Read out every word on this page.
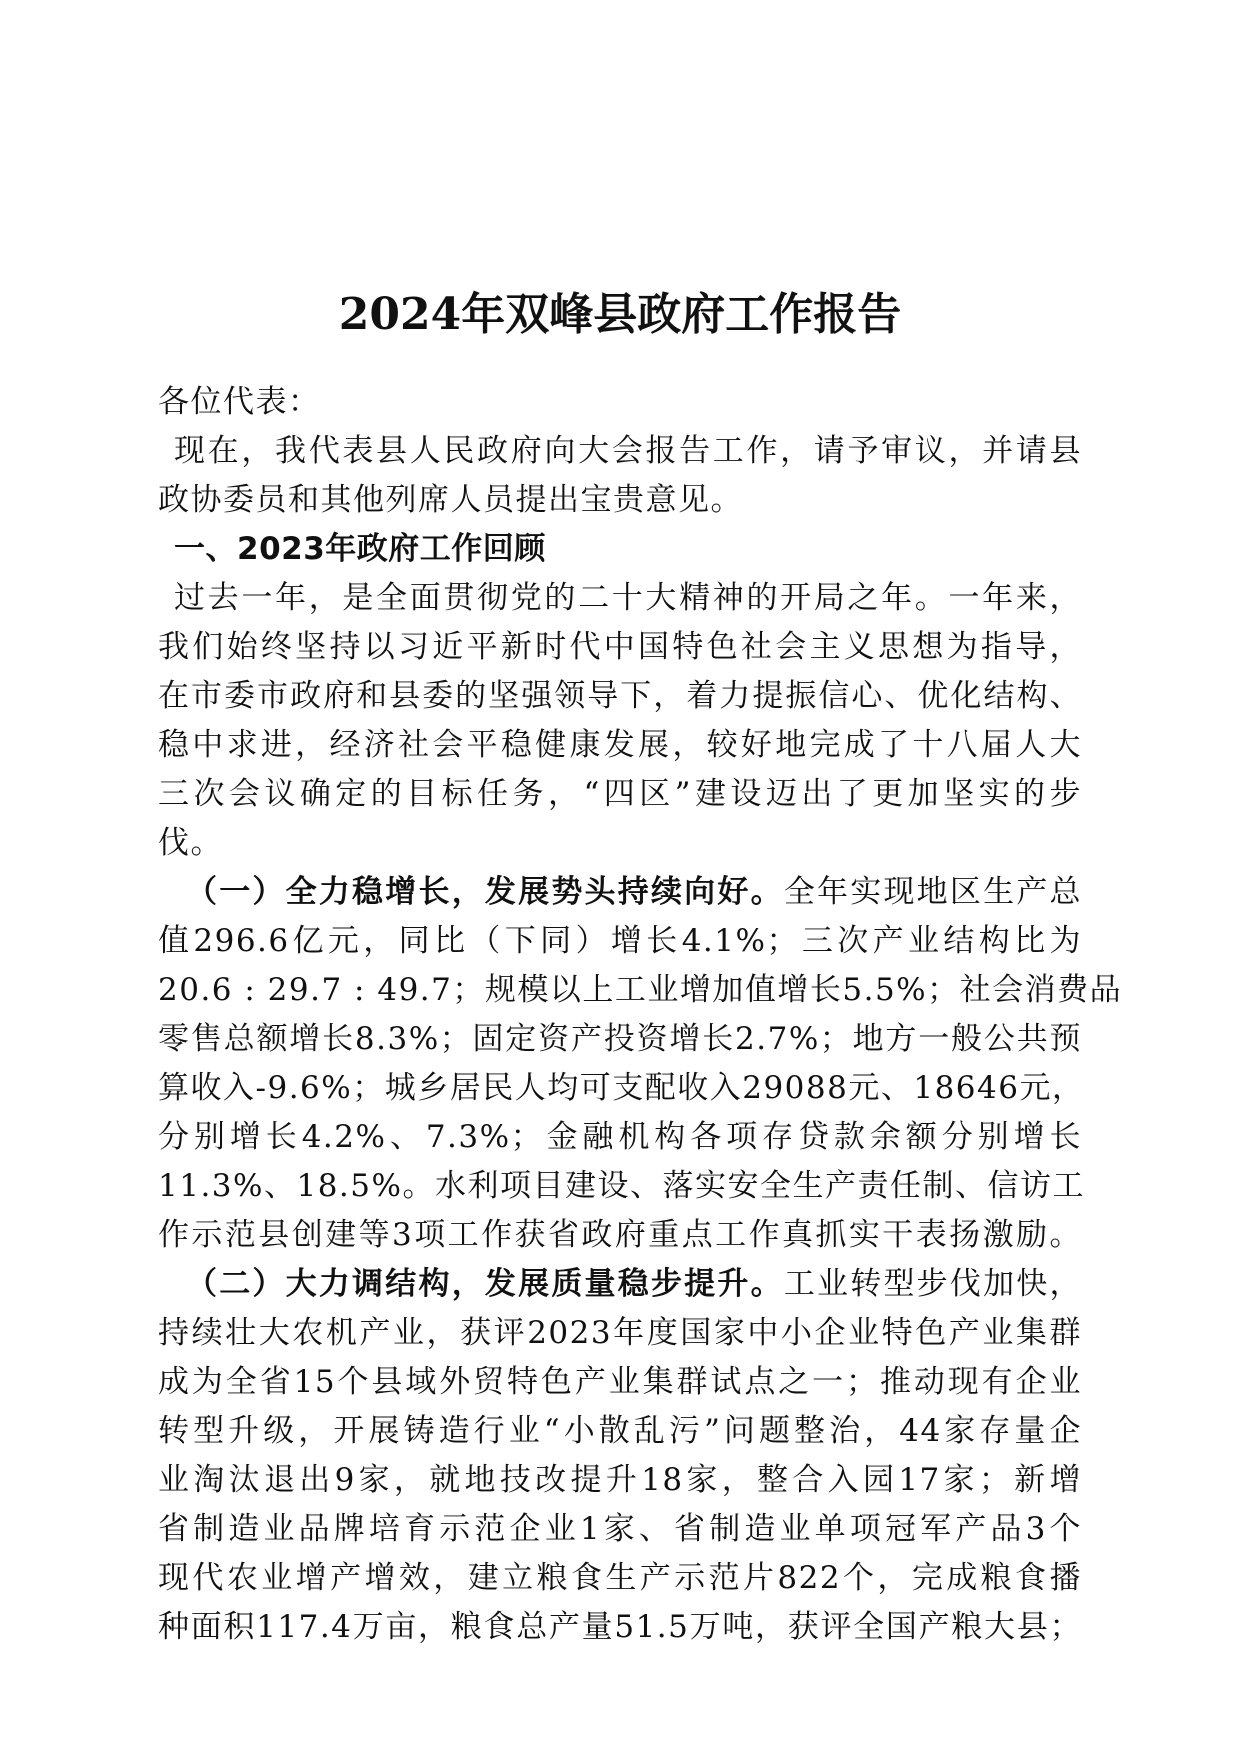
2024年双峰县政府工作报告
各位代表：
现在，我代表县人民政府向大会报告工作，请予审议，并请县
政协委员和其他列席人员提出宝贵意见。
一、2023年政府工作回顾
过去一年，是全面贯彻党的二十大精神的开局之年。一年来，
我们始终坚持以习近平新时代中国特色社会主义思想为指导，
在市委市政府和县委的坚强领导下，着力提振信心、优化结构、
稳中求进，经济社会平稳健康发展，较好地完成了十八届人大
三次会议确定的目标任务，“四区”建设迈出了更加坚实的步
伐。
（一）全力稳增长，发展势头持续向好。全年实现地区生产总
值296.6亿元，同比（下同）增长4.1%；三次产业结构比为
20.6 : 29.7 : 49.7；规模以上工业增加值增长5.5%；社会消费品
零售总额增长8.3%；固定资产投资增长2.7%；地方一般公共预
算收入-9.6%；城乡居民人均可支配收入29088元、18646元，
分别增长4.2%、7.3%；金融机构各项存贷款余额分别增长
11.3%、18.5%。水利项目建设、落实安全生产责任制、信访工
作示范县创建等3项工作获省政府重点工作真抓实干表扬激励。
（二）大力调结构，发展质量稳步提升。工业转型步伐加快，
持续壮大农机产业，获评2023年度国家中小企业特色产业集群
成为全省15个县域外贸特色产业集群试点之一；推动现有企业
转型升级，开展铸造行业“小散乱污”问题整治，44家存量企
业淘汰退出9家，就地技改提升18家，整合入园17家；新增
省制造业品牌培育示范企业1家、省制造业单项冠军产品3个
现代农业增产增效，建立粮食生产示范片822个，完成粮食播
种面积117.4万亩，粮食总产量51.5万吨，获评全国产粮大县；
